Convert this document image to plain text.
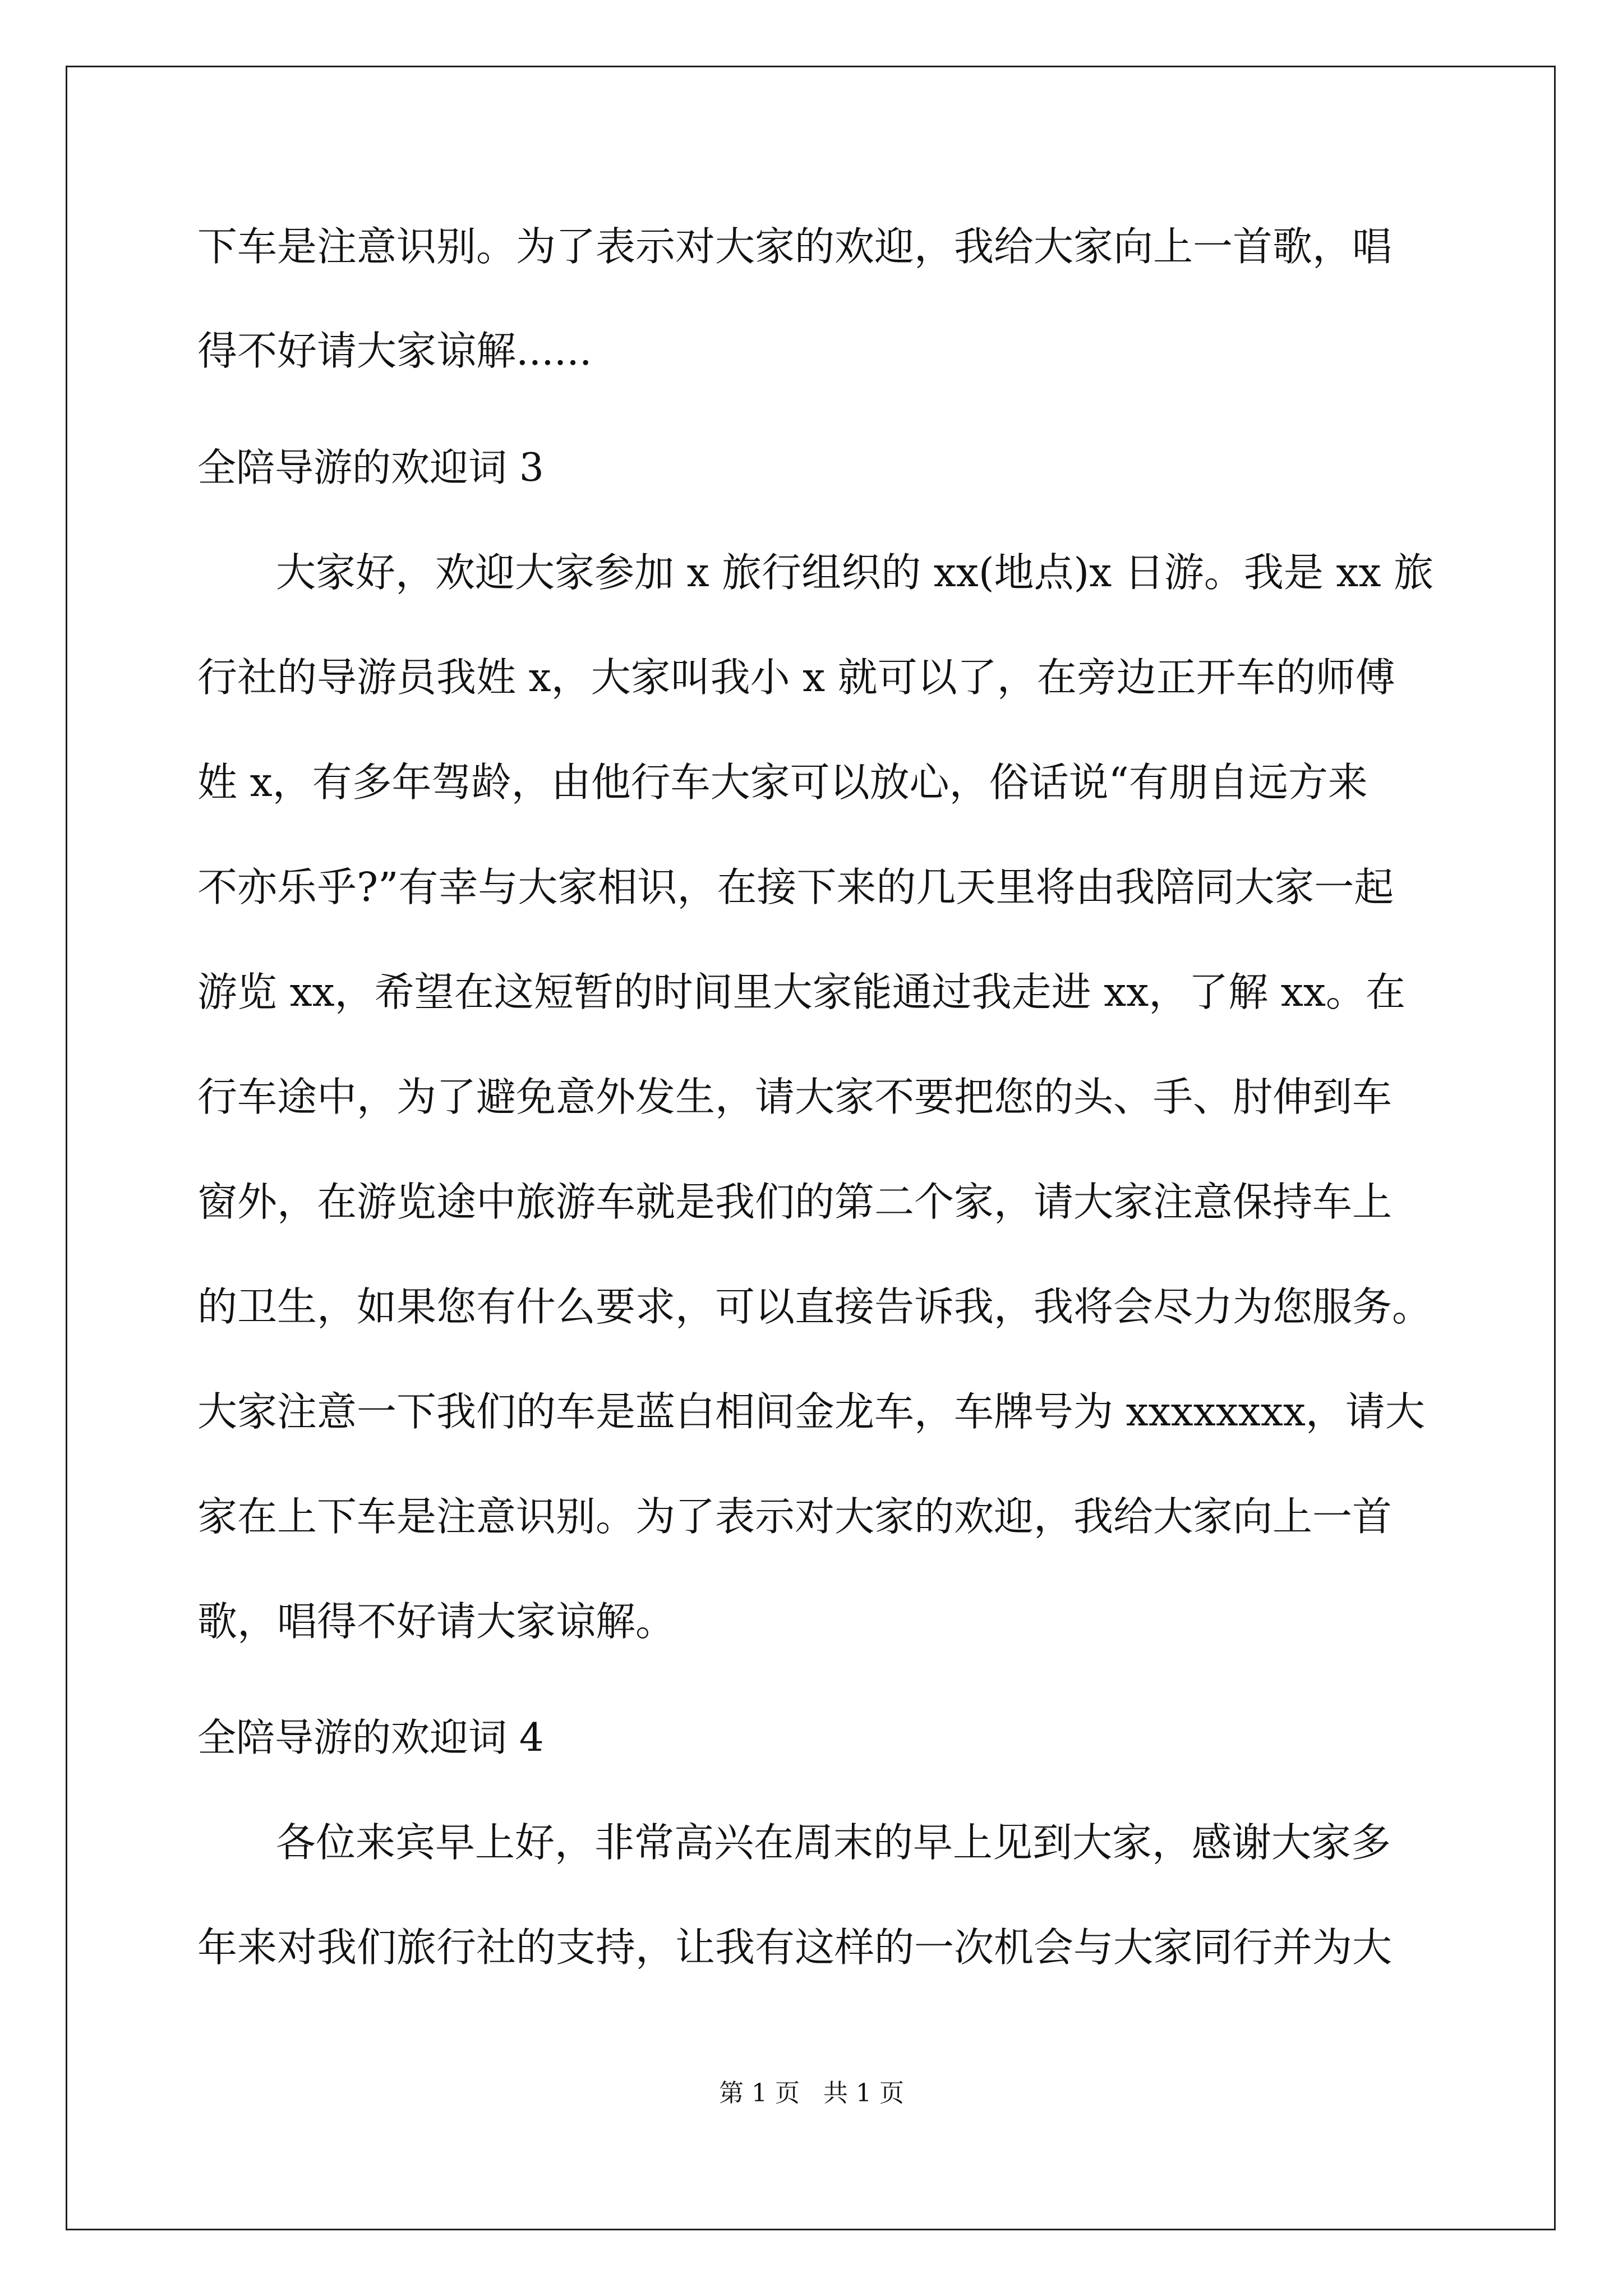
下车是注意识别。为了表示对大家的欢迎，我给大家向上一首歌，唱
得不好请大家谅解......
全陪导游的欢迎词 3
大家好，欢迎大家参加 x 旅行组织的 xx(地点)x 日游。我是 xx 旅
行社的导游员我姓 x，大家叫我小 x 就可以了，在旁边正开车的师傅
姓 x，有多年驾龄，由他行车大家可以放心，俗话说“有朋自远方来
不亦乐乎?”有幸与大家相识，在接下来的几天里将由我陪同大家一起
游览 xx，希望在这短暂的时间里大家能通过我走进 xx，了解 xx。在
行车途中，为了避免意外发生，请大家不要把您的头、手、肘伸到车
窗外，在游览途中旅游车就是我们的第二个家，请大家注意保持车上
的卫生，如果您有什么要求，可以直接告诉我，我将会尽力为您服务。
大家注意一下我们的车是蓝白相间金龙车，车牌号为 xxxxxxxx，请大
家在上下车是注意识别。为了表示对大家的欢迎，我给大家向上一首
歌，唱得不好请大家谅解。
全陪导游的欢迎词 4
各位来宾早上好，非常高兴在周末的早上见到大家，感谢大家多
年来对我们旅行社的支持，让我有这样的一次机会与大家同行并为大
第 1 页   共 1 页
